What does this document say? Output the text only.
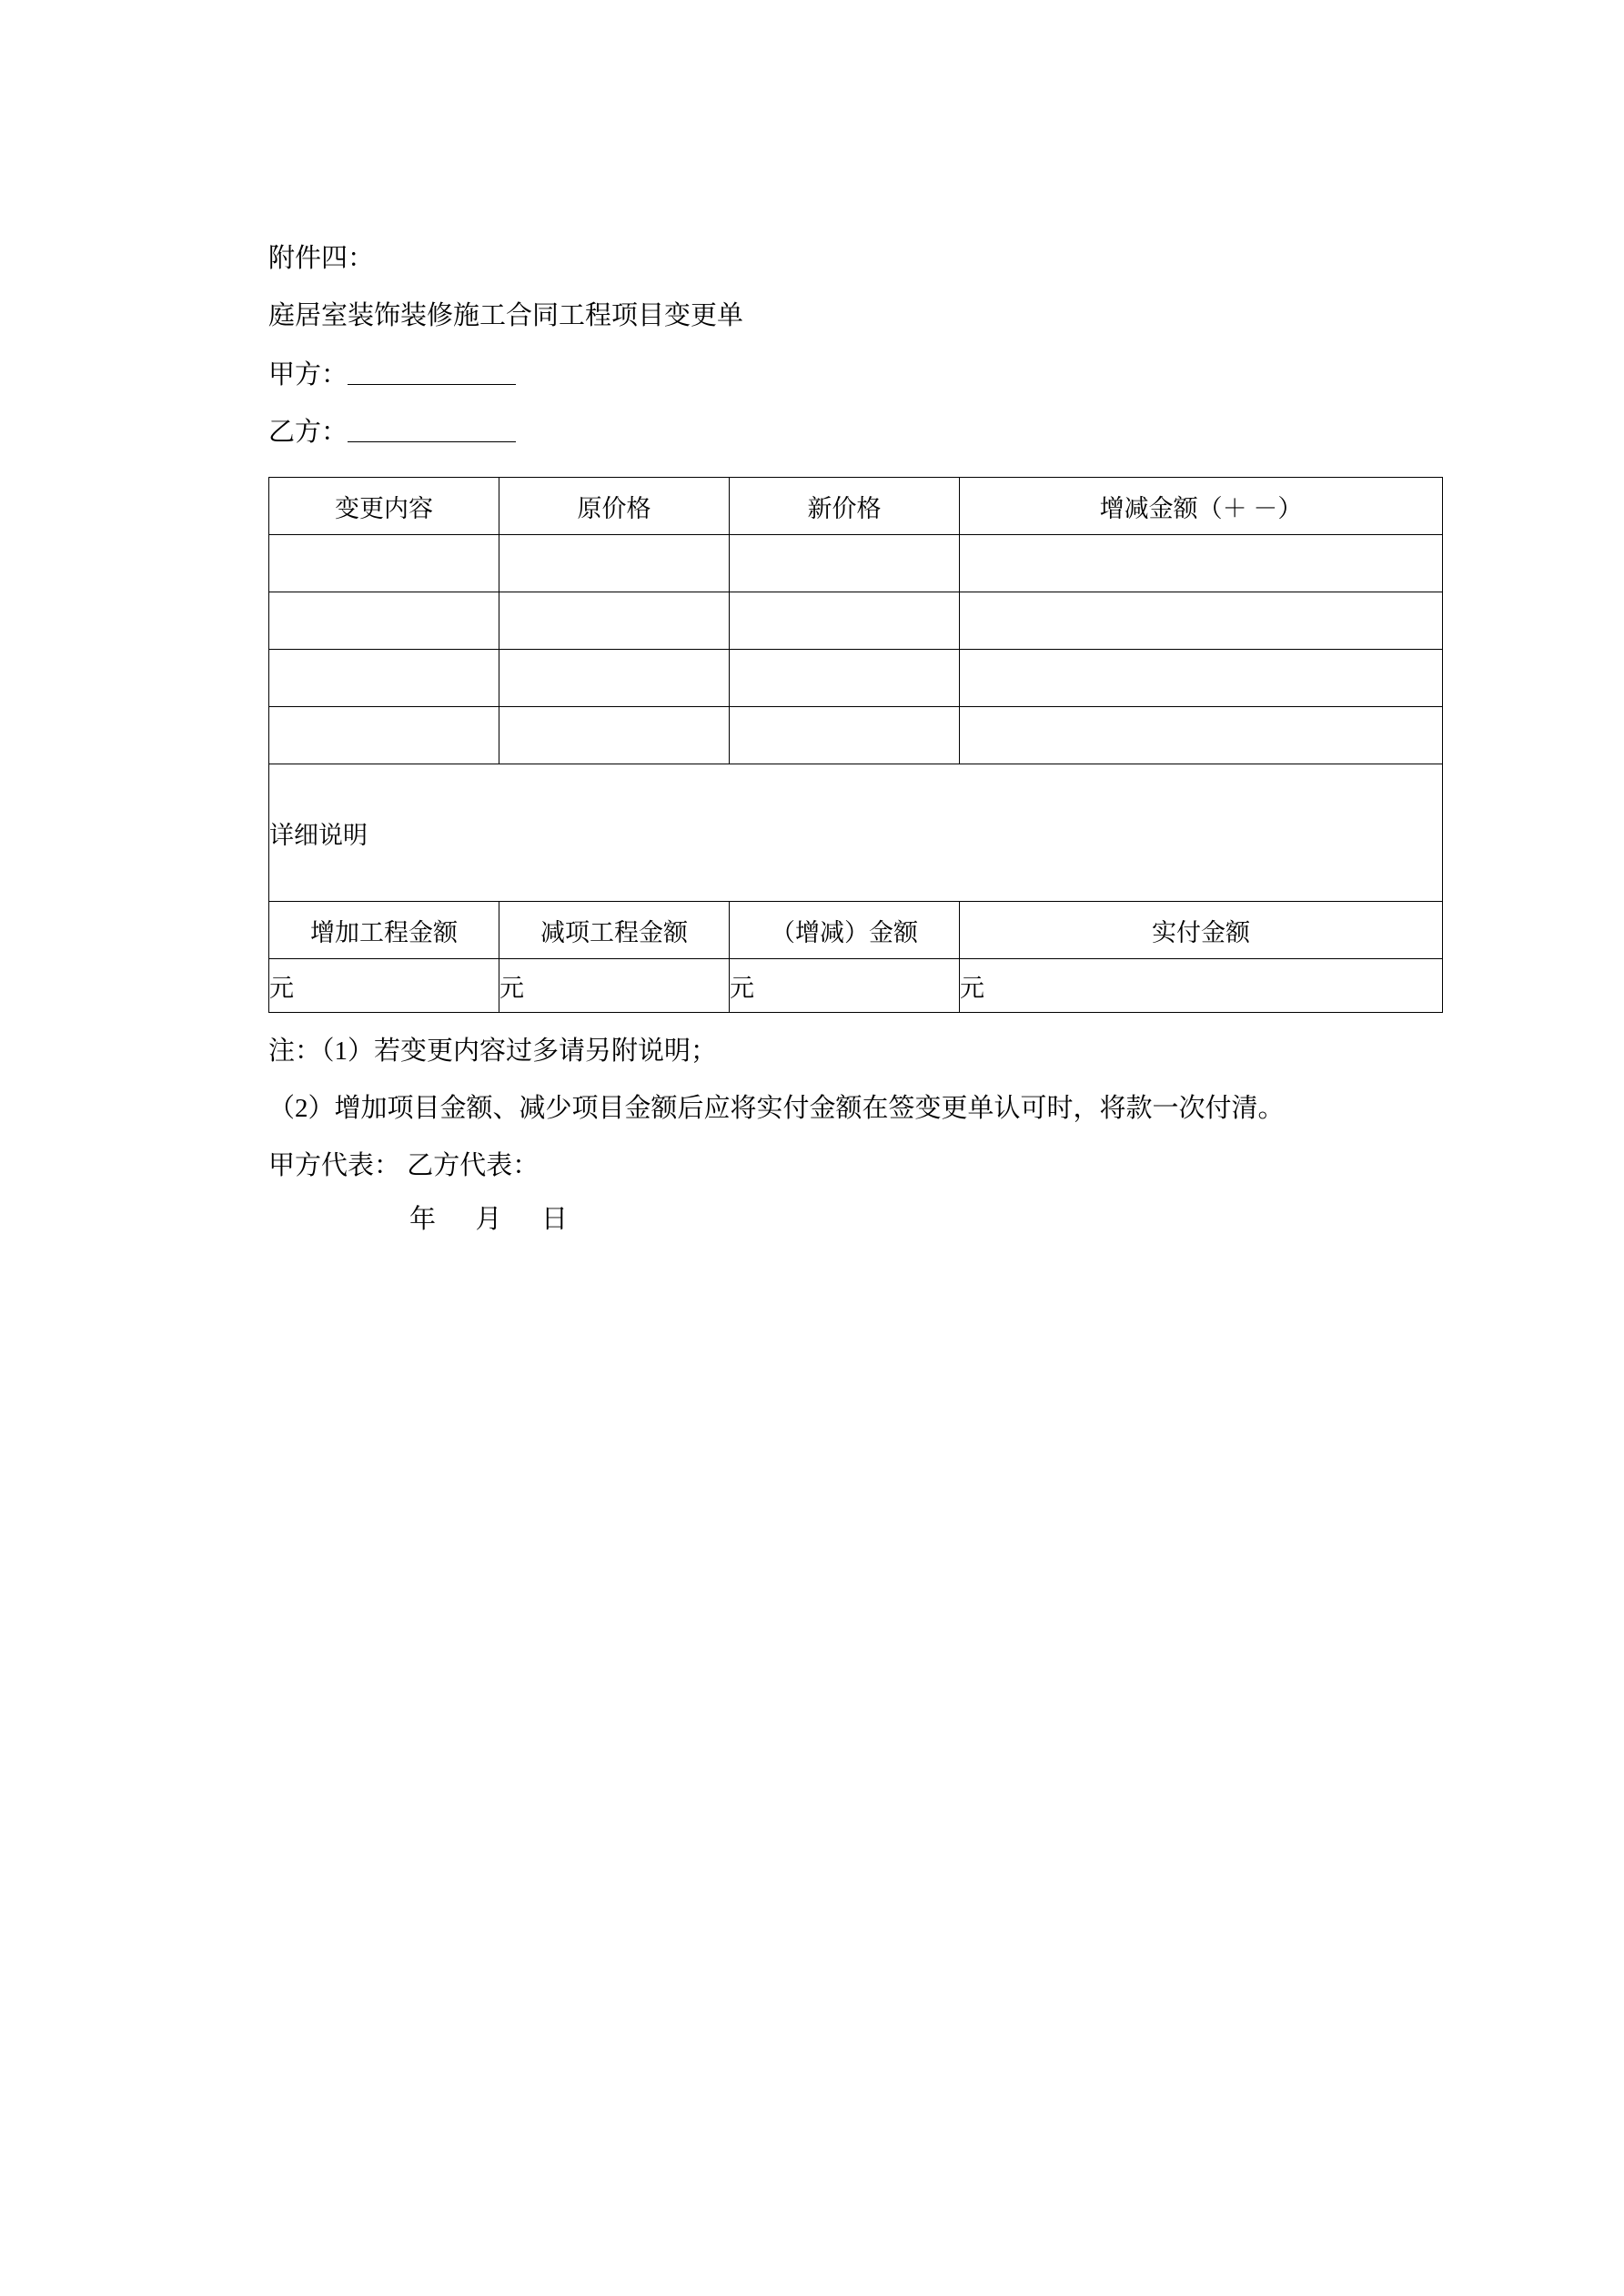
附件四：
庭居室装饰装修施工合同工程项目变更单
甲方：
乙方：
变更内容	原价格	新价格	增减金额（＋ －）

详细说明			
增加工程金额	减项工程金额	（增减）金额	实付金额
元	元	元	元
注：（1）若变更内容过多请另附说明；
（2）增加项目金额、减少项目金额后应将实付金额在签变更单认可时，将款一次付清。
甲方代表： 乙方代表：
年      月      日
